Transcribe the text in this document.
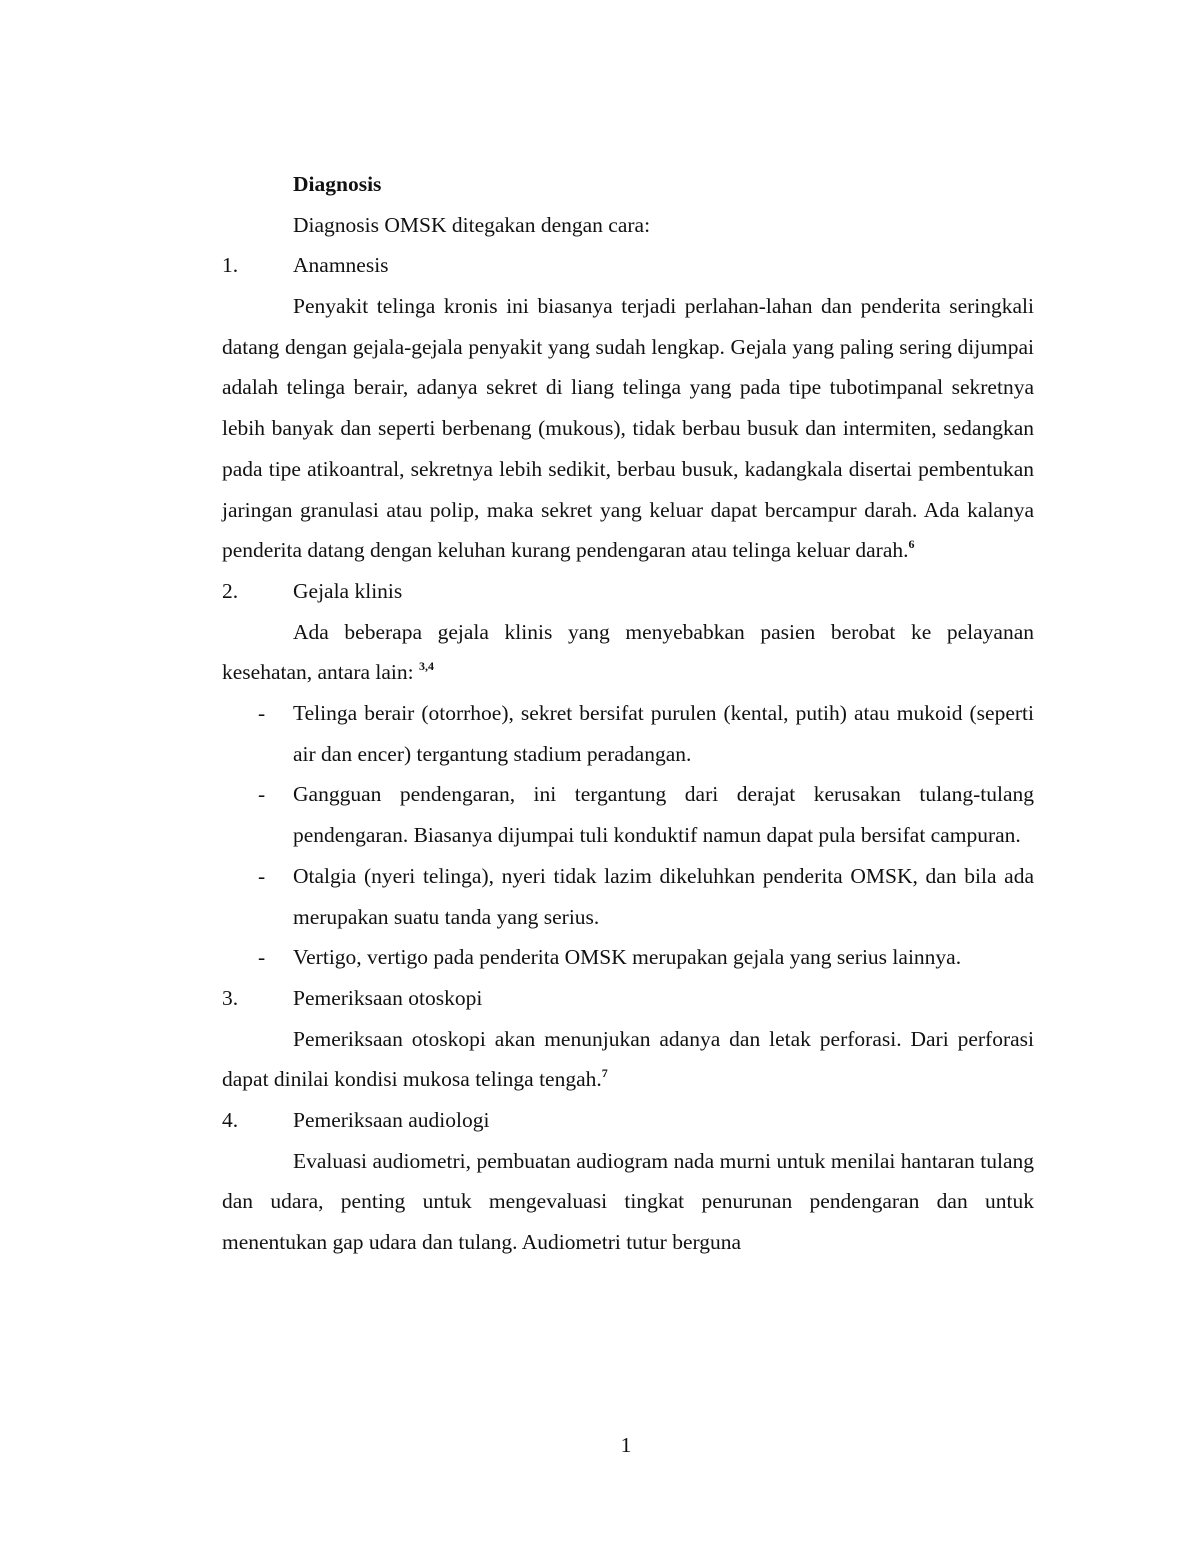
Diagnosis
Diagnosis OMSK ditegakan dengan cara:
1.	Anamnesis
Penyakit telinga kronis ini biasanya terjadi perlahan-lahan dan penderita seringkali datang dengan gejala-gejala penyakit yang sudah lengkap. Gejala yang paling sering dijumpai adalah telinga berair, adanya sekret di liang telinga yang pada tipe tubotimpanal sekretnya lebih banyak dan seperti berbenang (mukous), tidak berbau busuk dan intermiten, sedangkan pada tipe atikoantral, sekretnya lebih sedikit, berbau busuk, kadangkala disertai pembentukan jaringan granulasi atau polip, maka sekret yang keluar dapat bercampur darah. Ada kalanya penderita datang dengan keluhan kurang pendengaran atau telinga keluar darah.$^6$
2.	Gejala klinis
Ada beberapa gejala klinis yang menyebabkan pasien berobat ke pelayanan kesehatan, antara lain: $^{3,4}$
-	Telinga berair (otorrhoe), sekret bersifat purulen (kental, putih) atau mukoid (seperti air dan encer) tergantung stadium peradangan.
-	Gangguan pendengaran, ini tergantung dari derajat kerusakan tulang-tulang pendengaran. Biasanya dijumpai tuli konduktif namun dapat pula bersifat campuran.
-	Otalgia (nyeri telinga), nyeri tidak lazim dikeluhkan penderita OMSK, dan bila ada merupakan suatu tanda yang serius.
-	Vertigo, vertigo pada penderita OMSK merupakan gejala yang serius lainnya.
3.	Pemeriksaan otoskopi
Pemeriksaan otoskopi akan menunjukan adanya dan letak perforasi. Dari perforasi dapat dinilai kondisi mukosa telinga tengah.$^7$
4.	Pemeriksaan audiologi
Evaluasi audiometri, pembuatan audiogram nada murni untuk menilai hantaran tulang dan udara, penting untuk mengevaluasi tingkat penurunan pendengaran dan untuk menentukan gap udara dan tulang. Audiometri tutur berguna
1
